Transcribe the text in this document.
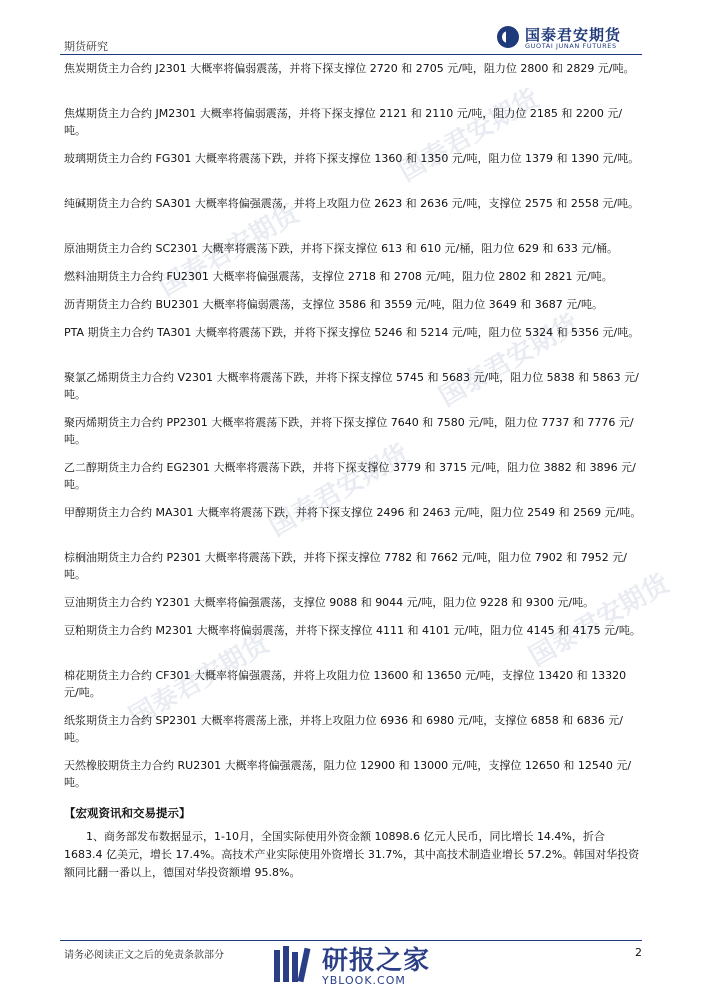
期货研究
国泰君安期货
GUOTAI JUNAN FUTURES
国泰君安期货
国泰君安期货
国泰君安期货
国泰君安期货
国泰君安期货
国泰君安期货

焦炭期货主力合约 J2301 大概率将偏弱震荡，并将下探支撑位 2720 和 2705 元/吨，阻力位 2800 和 2829 元/吨。

焦煤期货主力合约 JM2301 大概率将偏弱震荡，并将下探支撑位 2121 和 2110 元/吨，阻力位 2185 和 2200 元/吨。

玻璃期货主力合约 FG301 大概率将震荡下跌，并将下探支撑位 1360 和 1350 元/吨，阻力位 1379 和 1390 元/吨。

纯碱期货主力合约 SA301 大概率将偏强震荡，并将上攻阻力位 2623 和 2636 元/吨，支撑位 2575 和 2558 元/吨。

原油期货主力合约 SC2301 大概率将震荡下跌，并将下探支撑位 613 和 610 元/桶，阻力位 629 和 633 元/桶。

燃料油期货主力合约 FU2301 大概率将偏强震荡，支撑位 2718 和 2708 元/吨，阻力位 2802 和 2821 元/吨。

沥青期货主力合约 BU2301 大概率将偏弱震荡，支撑位 3586 和 3559 元/吨，阻力位 3649 和 3687 元/吨。

PTA 期货主力合约 TA301 大概率将震荡下跌，并将下探支撑位 5246 和 5214 元/吨，阻力位 5324 和 5356 元/吨。

聚氯乙烯期货主力合约 V2301 大概率将震荡下跌，并将下探支撑位 5745 和 5683 元/吨，阻力位 5838 和 5863 元/吨。

聚丙烯期货主力合约 PP2301 大概率将震荡下跌，并将下探支撑位 7640 和 7580 元/吨，阻力位 7737 和 7776 元/吨。

乙二醇期货主力合约 EG2301 大概率将震荡下跌，并将下探支撑位 3779 和 3715 元/吨，阻力位 3882 和 3896 元/吨。

甲醇期货主力合约 MA301 大概率将震荡下跌，并将下探支撑位 2496 和 2463 元/吨，阻力位 2549 和 2569 元/吨。

棕榈油期货主力合约 P2301 大概率将震荡下跌，并将下探支撑位 7782 和 7662 元/吨，阻力位 7902 和 7952 元/吨。

豆油期货主力合约 Y2301 大概率将偏强震荡，支撑位 9088 和 9044 元/吨，阻力位 9228 和 9300 元/吨。

豆粕期货主力合约 M2301 大概率将偏弱震荡，并将下探支撑位 4111 和 4101 元/吨，阻力位 4145 和 4175 元/吨。

棉花期货主力合约 CF301 大概率将偏强震荡，并将上攻阻力位 13600 和 13650 元/吨，支撑位 13420 和 13320 元/吨。

纸浆期货主力合约 SP2301 大概率将震荡上涨，并将上攻阻力位 6936 和 6980 元/吨，支撑位 6858 和 6836 元/吨。

天然橡胶期货主力合约 RU2301 大概率将偏强震荡，阻力位 12900 和 13000 元/吨，支撑位 12650 和 12540 元/吨。

【宏观资讯和交易提示】
1、商务部发布数据显示，1-10月，全国实际使用外资金额 10898.6 亿元人民币，同比增长 14.4%，折合 1683.4 亿美元，增长 17.4%。高技术产业实际使用外资增长 31.7%，其中高技术制造业增长 57.2%。韩国对华投资额同比翻一番以上，德国对华投资额增 95.8%。
请务必阅读正文之后的免责条款部分	研报之家
YBLOOK.COM
2
